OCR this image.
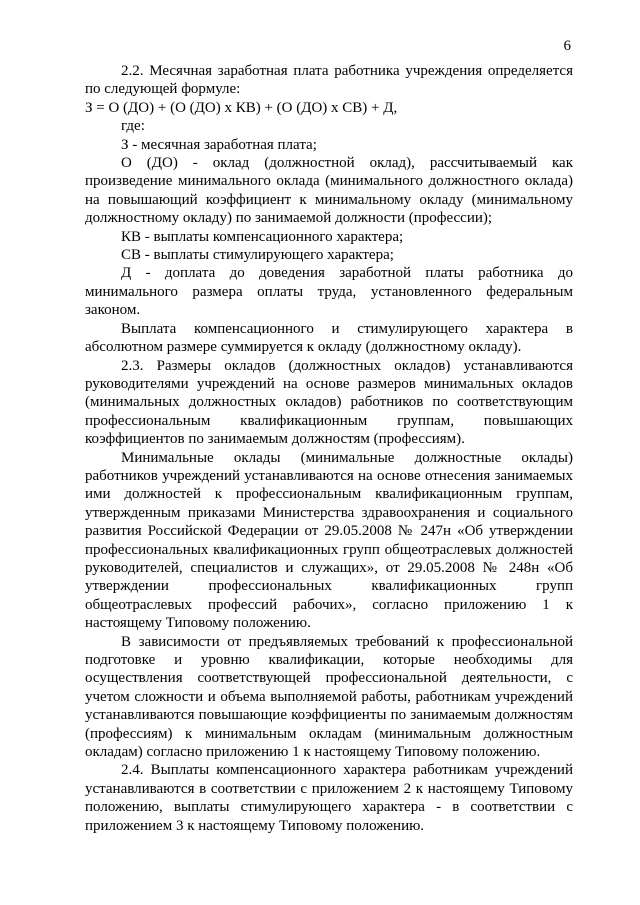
6

2.2. Месячная заработная плата работника учреждения определяется по следующей формуле:

З = О (ДО) + (О (ДО) х КВ) + (О (ДО) х СВ) + Д,

где:

З - месячная заработная плата;

О (ДО) - оклад (должностной оклад), рассчитываемый как произведение минимального оклада (минимального должностного оклада) на повышающий коэффициент к минимальному окладу (минимальному должностному окладу) по занимаемой должности (профессии);

КВ - выплаты компенсационного характера;

СВ - выплаты стимулирующего характера;

Д - доплата до доведения заработной платы работника до минимального размера оплаты труда, установленного федеральным законом.

Выплата компенсационного и стимулирующего характера в абсолютном размере суммируется к окладу (должностному окладу).

2.3. Размеры окладов (должностных окладов) устанавливаются руководителями учреждений на основе размеров минимальных окладов (минимальных должностных окладов) работников по соответствующим профессиональным квалификационным группам, повышающих коэффициентов по занимаемым должностям (профессиям).

Минимальные оклады (минимальные должностные оклады) работников учреждений устанавливаются на основе отнесения занимаемых ими должностей к профессиональным квалификационным группам, утвержденным приказами Министерства здравоохранения и социального развития Российской Федерации от 29.05.2008 № 247н «Об утверждении профессиональных квалификационных групп общеотраслевых должностей руководителей, специалистов и служащих», от 29.05.2008 № 248н «Об утверждении профессиональных квалификационных групп общеотраслевых профессий рабочих», согласно приложению 1 к настоящему Типовому положению.

В зависимости от предъявляемых требований к профессиональной подготовке и уровню квалификации, которые необходимы для осуществления соответствующей профессиональной деятельности, с учетом сложности и объема выполняемой работы, работникам учреждений устанавливаются повышающие коэффициенты по занимаемым должностям (профессиям) к минимальным окладам (минимальным должностным окладам) согласно приложению 1 к настоящему Типовому положению.

2.4. Выплаты компенсационного характера работникам учреждений устанавливаются в соответствии с приложением 2 к настоящему Типовому положению, выплаты стимулирующего характера - в соответствии с приложением 3 к настоящему Типовому положению.
